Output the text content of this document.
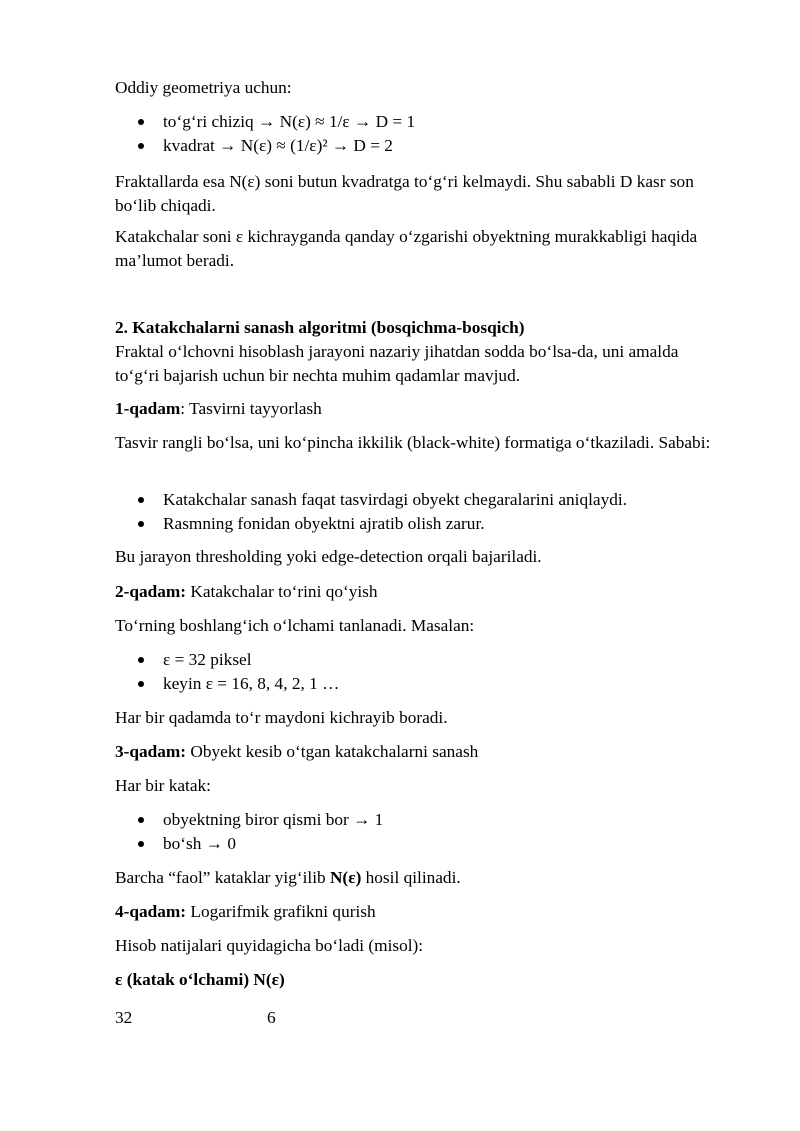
Oddiy geometriya uchun:

to‘g‘ri chiziq → N(ε) ≈ 1/ε → D = 1
kvadrat → N(ε) ≈ (1/ε)² → D = 2

Fraktallarda esa N(ε) soni butun kvadratga to‘g‘ri kelmaydi. Shu sababli D kasr son bo‘lib chiqadi.

Katakchalar soni ε kichrayganda qanday o‘zgarishi obyektning murakkabligi haqida ma’lumot beradi.

2. Katakchalarni sanash algoritmi (bosqichma-bosqich)

Fraktal o‘lchovni hisoblash jarayoni nazariy jihatdan sodda bo‘lsa-da, uni amalda to‘g‘ri bajarish uchun bir nechta muhim qadamlar mavjud.

1-qadam: Tasvirni tayyorlash

Tasvir rangli bo‘lsa, uni ko‘pincha ikkilik (black-white) formatiga o‘tkaziladi. Sababi:

Katakchalar sanash faqat tasvirdagi obyekt chegaralarini aniqlaydi.
Rasmning fonidan obyektni ajratib olish zarur.

Bu jarayon thresholding yoki edge-detection orqali bajariladi.

2-qadam: Katakchalar to‘rini qo‘yish

To‘rning boshlang‘ich o‘lchami tanlanadi. Masalan:

ε = 32 piksel
keyin ε = 16, 8, 4, 2, 1 …

Har bir qadamda to‘r maydoni kichrayib boradi.

3-qadam: Obyekt kesib o‘tgan katakchalarni sanash

Har bir katak:

obyektning biror qismi bor → 1
bo‘sh → 0

Barcha “faol” kataklar yig‘ilib N(ε) hosil qilinadi.

4-qadam: Logarifmik grafikni qurish

Hisob natijalari quyidagicha bo‘ladi (misol):

ε (katak o‘lchami) N(ε)

32	6
